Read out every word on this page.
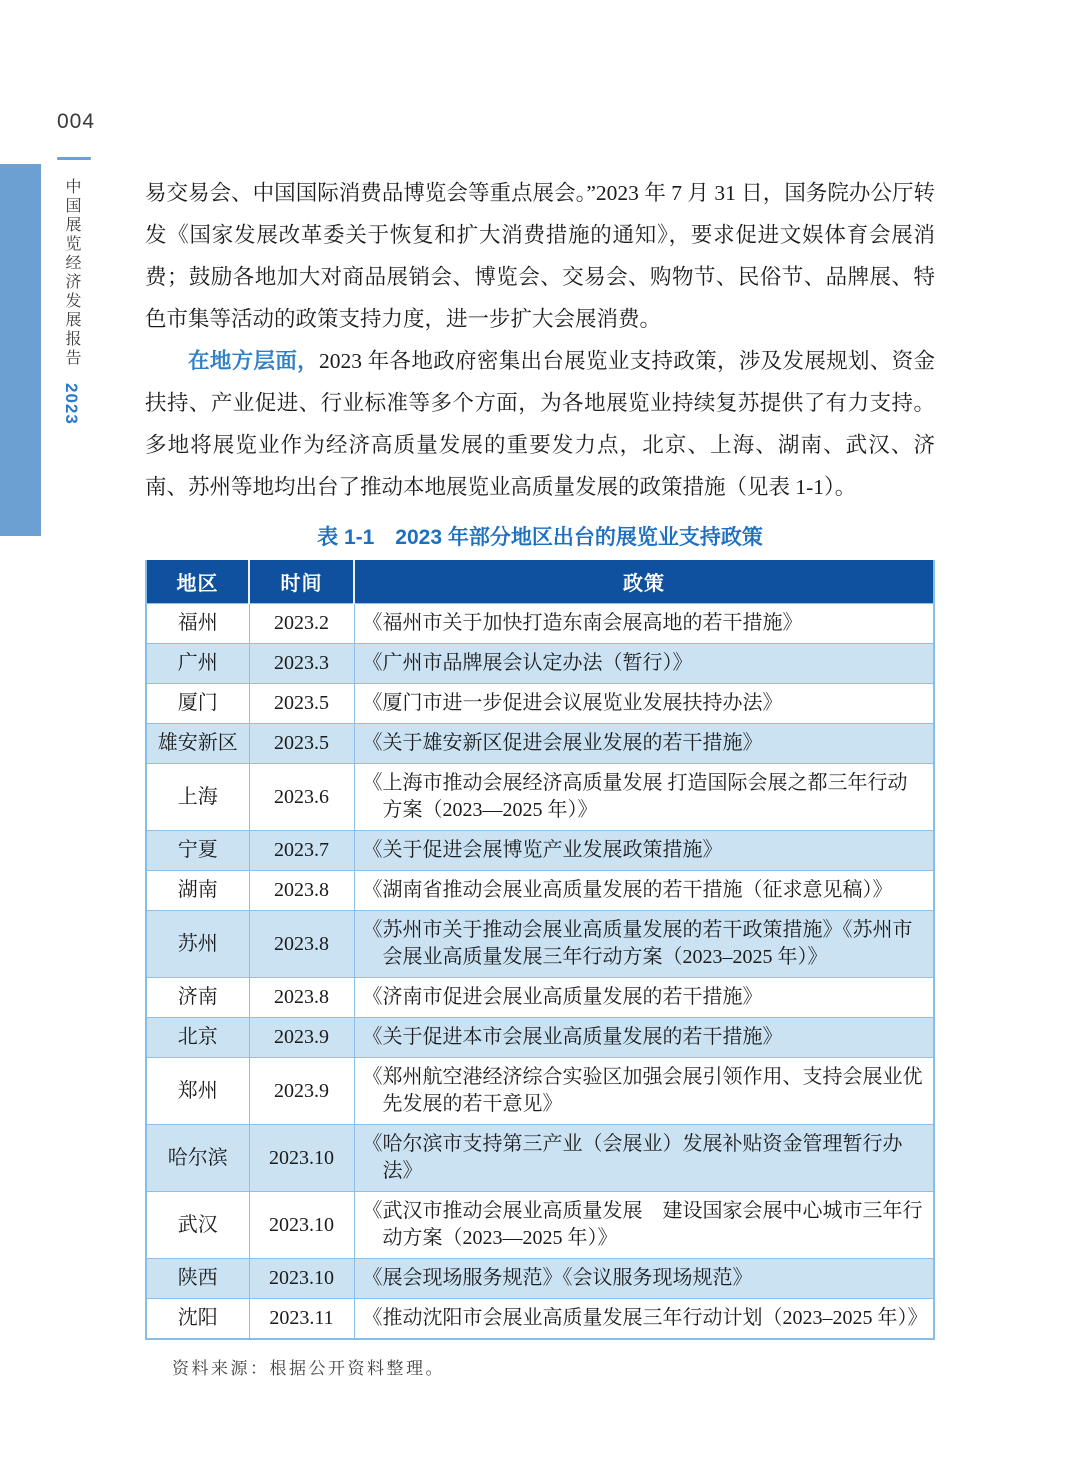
004
中国展览经济发展报告 2023

易交易会、中国国际消费品博览会等重点展会。”2023 年 7 月 31 日，国务院办公厅转发《国家发展改革委关于恢复和扩大消费措施的通知》，要求促进文娱体育会展消费；鼓励各地加大对商品展销会、博览会、交易会、购物节、民俗节、品牌展、特色市集等活动的政策支持力度，进一步扩大会展消费。

在地方层面，2023 年各地政府密集出台展览业支持政策，涉及发展规划、资金扶持、产业促进、行业标准等多个方面，为各地展览业持续复苏提供了有力支持。多地将展览业作为经济高质量发展的重要发力点，北京、上海、湖南、武汉、济南、苏州等地均出台了推动本地展览业高质量发展的政策措施（见表 1-1）。

表 1-1　2023 年部分地区出台的展览业支持政策
地区	时间	政策
福州	2023.2	《福州市关于加快打造东南会展高地的若干措施》

广州	2023.3	《广州市品牌展会认定办法（暂行）》

厦门	2023.5	《厦门市进一步促进会议展览业发展扶持办法》

雄安新区	2023.5	《关于雄安新区促进会展业发展的若干措施》

上海	2023.6	《上海市推动会展经济高质量发展 打造国际会展之都三年行动方案（2023—2025 年）》

宁夏	2023.7	《关于促进会展博览产业发展政策措施》

湖南	2023.8	《湖南省推动会展业高质量发展的若干措施（征求意见稿）》

苏州	2023.8	《苏州市关于推动会展业高质量发展的若干政策措施》《苏州市会展业高质量发展三年行动方案（2023–2025 年）》

济南	2023.8	《济南市促进会展业高质量发展的若干措施》

北京	2023.9	《关于促进本市会展业高质量发展的若干措施》

郑州	2023.9	《郑州航空港经济综合实验区加强会展引领作用、支持会展业优先发展的若干意见》

哈尔滨	2023.10	《哈尔滨市支持第三产业（会展业）发展补贴资金管理暂行办法》

武汉	2023.10	《武汉市推动会展业高质量发展　建设国家会展中心城市三年行动方案（2023—2025 年）》

陕西	2023.10	《展会现场服务规范》《会议服务现场规范》

沈阳	2023.11	《推动沈阳市会展业高质量发展三年行动计划（2023–2025 年）》
资料来源：根据公开资料整理。
